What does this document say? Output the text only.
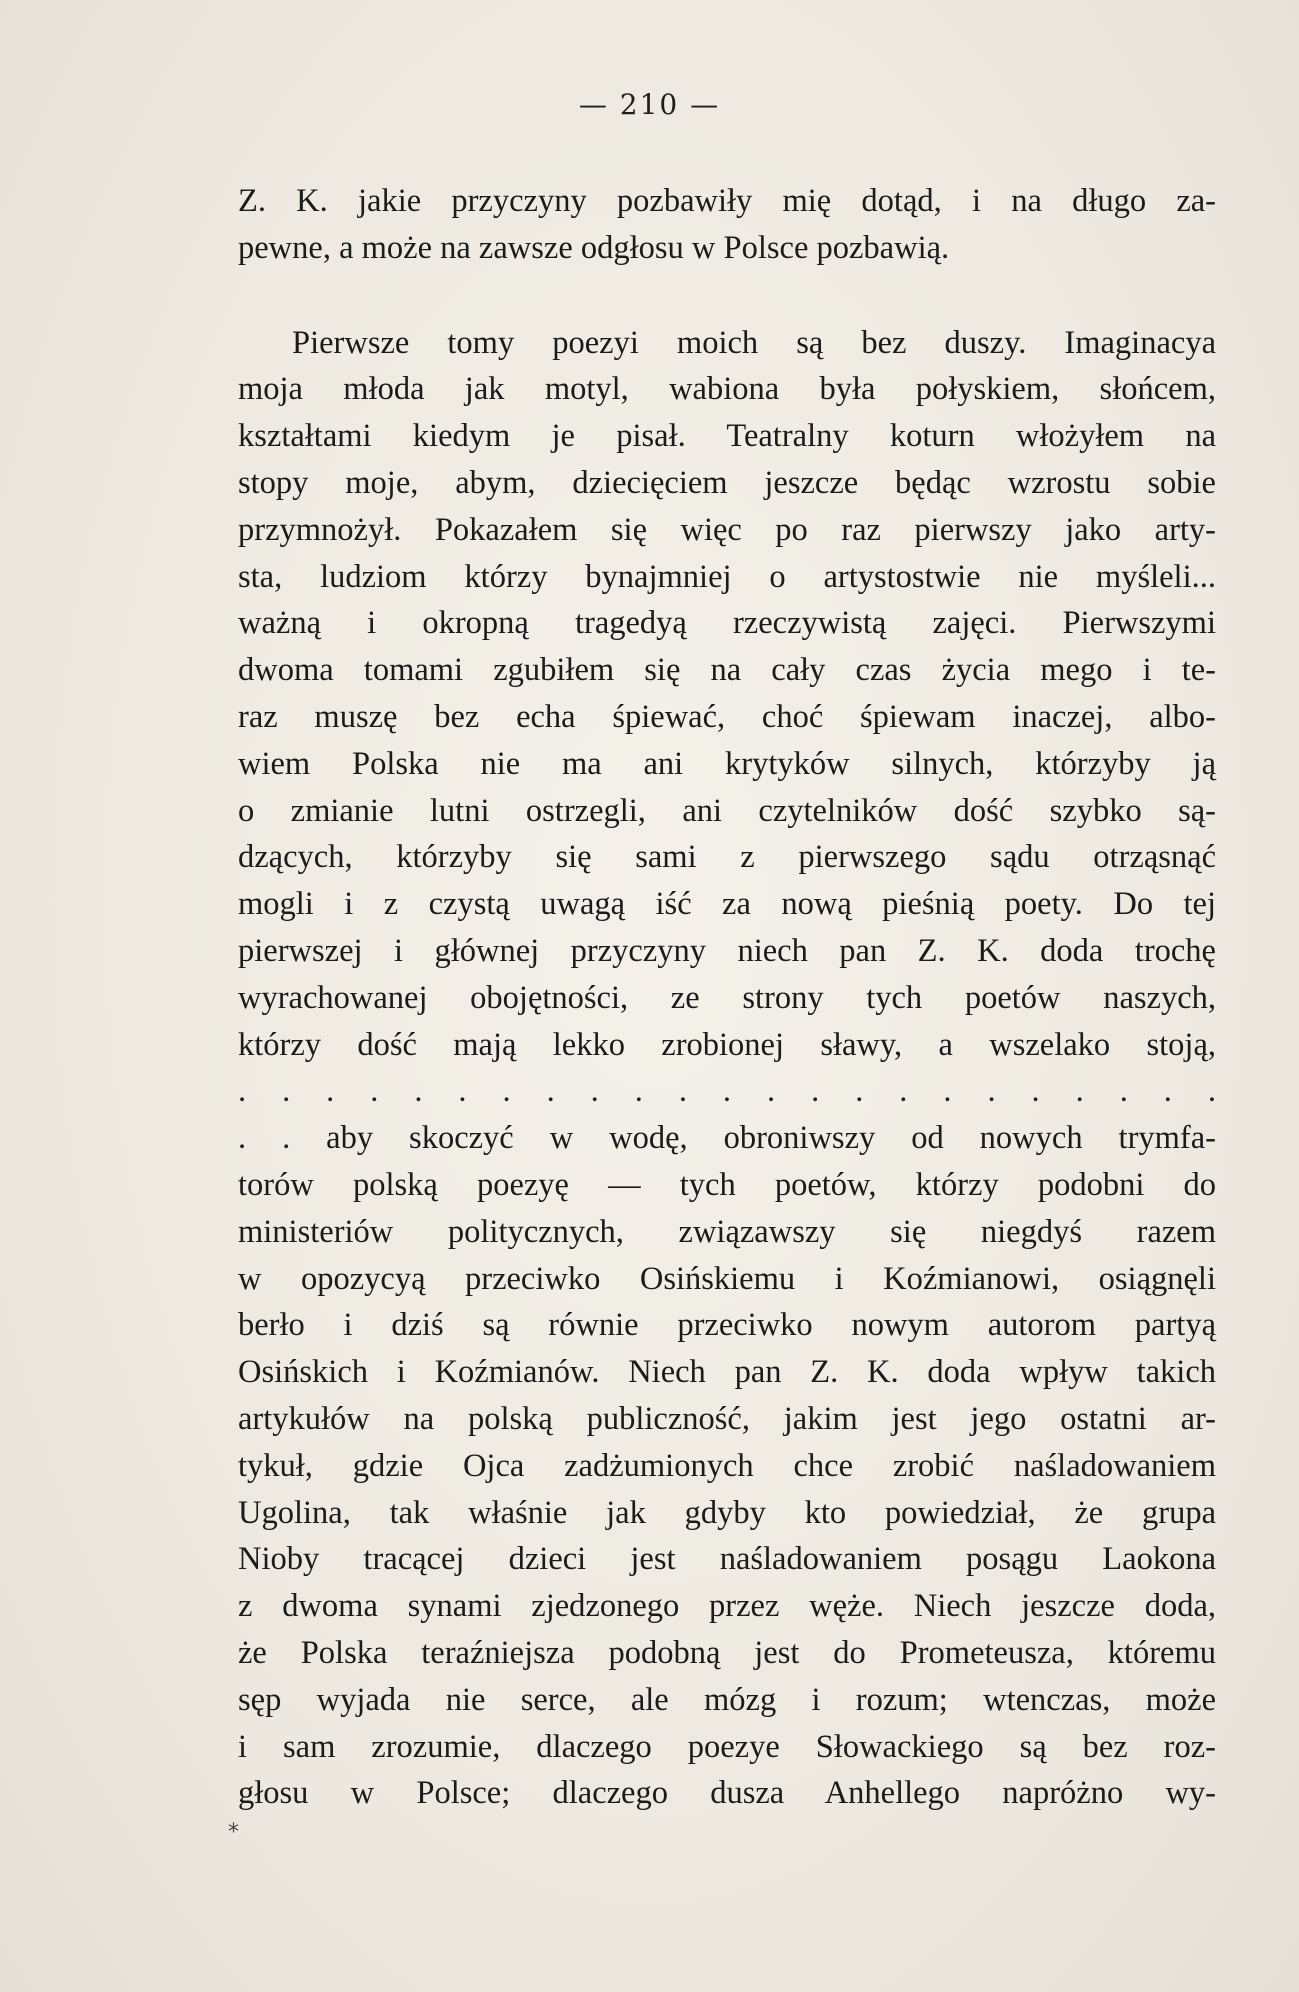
— 210 —
Z. K. jakie przyczyny pozbawiły mię dotąd, i na długo za-
pewne, a może na zawsze odgłosu w Polsce pozbawią.
Pierwsze tomy poezyi moich są bez duszy. Imaginacya
moja młoda jak motyl, wabiona była połyskiem, słońcem,
kształtami kiedym je pisał. Teatralny koturn włożyłem na
stopy moje, abym, dziecięciem jeszcze będąc wzrostu sobie
przymnożył. Pokazałem się więc po raz pierwszy jako arty-
sta, ludziom którzy bynajmniej o artystostwie nie myśleli...
ważną i okropną tragedyą rzeczywistą zajęci. Pierwszymi
dwoma tomami zgubiłem się na cały czas życia mego i te-
raz muszę bez echa śpiewać, choć śpiewam inaczej, albo-
wiem Polska nie ma ani krytyków silnych, którzyby ją
o zmianie lutni ostrzegli, ani czytelników dość szybko są-
dzących, którzyby się sami z pierwszego sądu otrząsnąć
mogli i z czystą uwagą iść za nową pieśnią poety. Do tej
pierwszej i głównej przyczyny niech pan Z. K. doda trochę
wyrachowanej obojętności, ze strony tych poetów naszych,
którzy dość mają lekko zrobionej sławy, a wszelako stoją,
. . . . . . . . . . . . . . . . . . . . . . .
. . aby skoczyć w wodę, obroniwszy od nowych trymfa-
torów polską poezyę — tych poetów, którzy podobni do
ministeriów politycznych, związawszy się niegdyś razem
w opozycyą przeciwko Osińskiemu i Koźmianowi, osiągnęli
berło i dziś są równie przeciwko nowym autorom partyą
Osińskich i Koźmianów. Niech pan Z. K. doda wpływ takich
artykułów na polską publiczność, jakim jest jego ostatni ar-
tykuł, gdzie Ojca zadżumionych chce zrobić naśladowaniem
Ugolina, tak właśnie jak gdyby kto powiedział, że grupa
Nioby tracącej dzieci jest naśladowaniem posągu Laokona
z dwoma synami zjedzonego przez węże. Niech jeszcze doda,
że Polska teraźniejsza podobną jest do Prometeusza, któremu
sęp wyjada nie serce, ale mózg i rozum; wtenczas, może
i sam zrozumie, dlaczego poezye Słowackiego są bez roz-
głosu w Polsce; dlaczego dusza Anhellego napróżno wy-
*
